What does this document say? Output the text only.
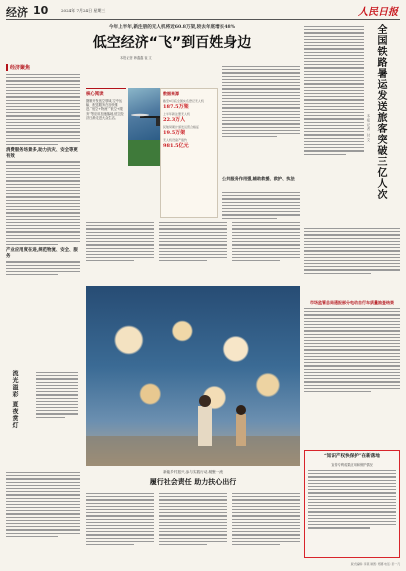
经济 10	2024年 7月24日 星期三	人民日报
今年上半年,新注册的无人机将近60.8万架,较去年底增长48%
低空经济“飞”到百姓身边
本报记者 韩鑫鑫 崔 文
经济聚焦
消费服务场景多,助力抗灾、安全等更有效
产业应用度在进,规范物流、安全、服务
核心阅读
摄制开发低空领域,空中运输、配送服务在加快推进,“低空+物流”“低空+服务”等应用加速落地,低空经济日渐走进大众生活。
数据来源
截至6月底全国实名登记无人机
187.5万架
上半年新注册无人机
22.3万人
民航局累计颁发运营合格证
19.5万架
无人机设备产值约
981.5亿元
公共服务作用强,辅助救援、救护、执法
流光溢彩 夏夜赏灯
全国铁路暑运发送旅客突破三亿人次
本报记者 付文
市场监管总局通报部分电动自行车质量抽查结果
新能乡村振兴,参与实践行动,凝聚一流
履行社会责任 助力扶心出行
“知识产权快保护”在新落地
宣传专利成果应用和保护情况
版式编辑: 李燕 制图: 郑娜 电话: 彭一凡
